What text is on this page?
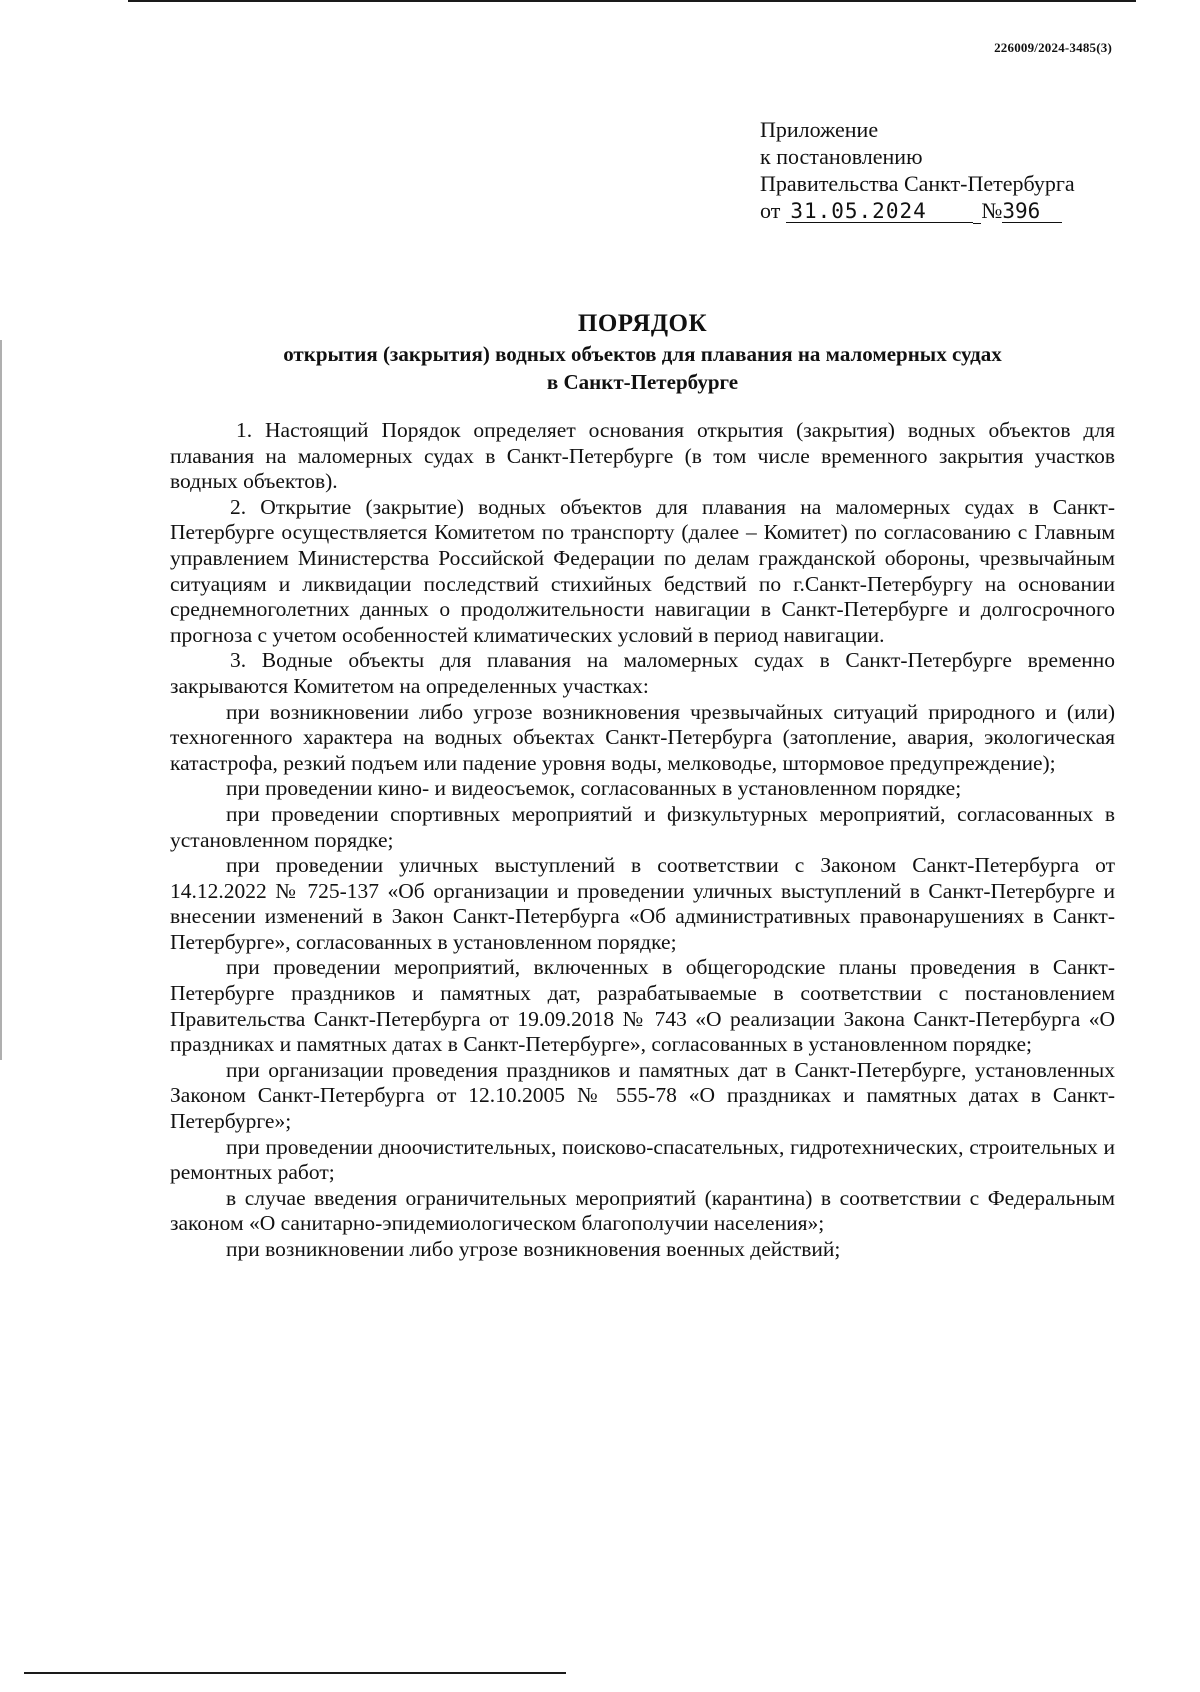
226009/2024-3485(3)
Приложение
к постановлению
Правительства Санкт-Петербурга
от 31.05.2024 №396
ПОРЯДОК
открытия (закрытия) водных объектов для плавания на маломерных судах
в Санкт-Петербурге

1. Настоящий Порядок определяет основания открытия (закрытия) водных объектов для плавания на маломерных судах в Санкт-Петербурге (в том числе временного закрытия участков водных объектов).

2. Открытие (закрытие) водных объектов для плавания на маломерных судах в Санкт-Петербурге осуществляется Комитетом по транспорту (далее – Комитет) по согласованию с Главным управлением Министерства Российской Федерации по делам гражданской обороны, чрезвычайным ситуациям и ликвидации последствий стихийных бедствий по г.Санкт-Петербургу на основании среднемноголетних данных о продолжительности навигации в Санкт-Петербурге и долгосрочного прогноза с учетом особенностей климатических условий в период навигации.

3. Водные объекты для плавания на маломерных судах в Санкт-Петербурге временно закрываются Комитетом на определенных участках:

при возникновении либо угрозе возникновения чрезвычайных ситуаций природного и (или) техногенного характера на водных объектах Санкт-Петербурга (затопление, авария, экологическая катастрофа, резкий подъем или падение уровня воды, мелководье, штормовое предупреждение);

при проведении кино- и видеосъемок, согласованных в установленном порядке;

при проведении спортивных мероприятий и физкультурных мероприятий, согласованных в установленном порядке;

при проведении уличных выступлений в соответствии с Законом Санкт-Петербурга от 14.12.2022 № 725-137 «Об организации и проведении уличных выступлений в Санкт-Петербурге и внесении изменений в Закон Санкт-Петербурга «Об административных правонарушениях в Санкт-Петербурге», согласованных в установленном порядке;

при проведении мероприятий, включенных в общегородские планы проведения в Санкт-Петербурге праздников и памятных дат, разрабатываемые в соответствии с постановлением Правительства Санкт-Петербурга от 19.09.2018 № 743 «О реализации Закона Санкт-Петербурга «О праздниках и памятных датах в Санкт-Петербурге», согласованных в установленном порядке;

при организации проведения праздников и памятных дат в Санкт-Петербурге, установленных Законом Санкт-Петербурга от 12.10.2005 № 555-78 «О праздниках и памятных датах в Санкт-Петербурге»;

при проведении дноочистительных, поисково-спасательных, гидротехнических, строительных и ремонтных работ;

в случае введения ограничительных мероприятий (карантина) в соответствии с Федеральным законом «О санитарно-эпидемиологическом благополучии населения»;

при возникновении либо угрозе возникновения военных действий;
